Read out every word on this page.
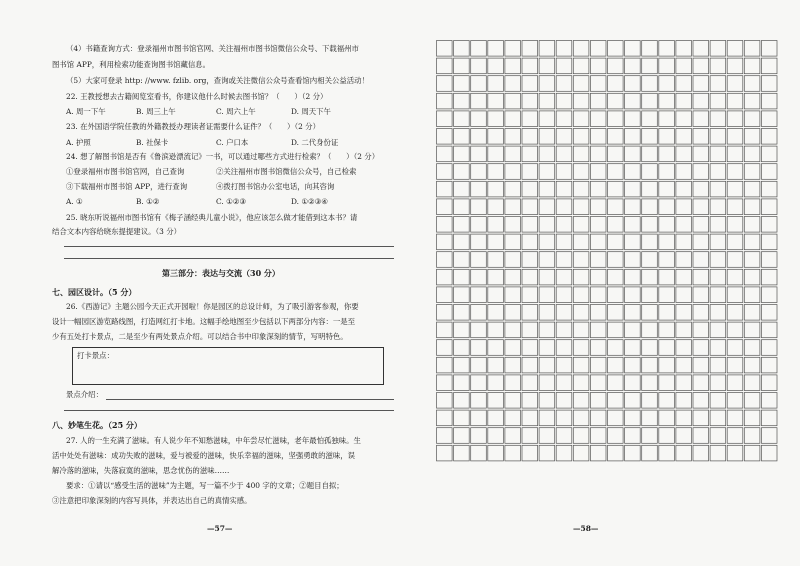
（4）书籍查询方式：登录福州市图书馆官网、关注福州市图书馆微信公众号、下载福州市
图书馆 APP，利用检索功能查询图书馆藏信息。
（5）大家可登录 http: //www. fzlib. org，查询或关注微信公众号查看馆内相关公益活动！
22. 王教授想去古籍阅览室看书，你建议他什么时候去图书馆？（　　）（2 分）
A. 周一下午	B. 周三上午	C. 周六上午	D. 周天下午
23. 在外国语学院任教的外籍教授办理读者证需要什么证件？（　　）（2 分）
A. 护照	B. 社保卡	C. 户口本	D. 二代身份证
24. 想了解图书馆是否有《鲁滨逊漂流记》一书，可以通过哪些方式进行检索？（　　）（2 分）
①登录福州市图书馆官网，自己查询	②关注福州市图书馆微信公众号，自己检索
③下载福州市图书馆 APP，进行查询	④拨打图书馆办公室电话，向其咨询
A. ①	B. ①②	C. ①②③	D. ①②③④
25. 晓东听说福州市图书馆有《梅子涵经典儿童小说》，他应该怎么做才能借到这本书？请
结合文本内容给晓东提提建议。（3 分）
第三部分：表达与交流（30 分）
七、园区设计。（5 分）
26.《西游记》主题公园今天正式开园啦！你是园区的总设计师，为了吸引游客参观，你要
设计一幅园区游览路线图，打造网红打卡地。这幅手绘地图至少包括以下两部分内容：一是至
少有五处打卡景点，二是至少有两处景点介绍。可以结合书中印象深刻的情节，写明特色。
打卡景点：
景点介绍：
八、妙笔生花。（25 分）
27. 人的一生充满了滋味。有人说少年不知愁滋味，中年尝尽忙滋味，老年最怕孤独味。生
活中处处有滋味：成功失败的滋味，爱与被爱的滋味，快乐幸福的滋味，坚强勇敢的滋味，误
解冷落的滋味，失落寂寞的滋味，思念忧伤的滋味……
要求：①请以“感受生活的滋味”为主题，写一篇不少于 400 字的文章；②题目自拟；
③注意把印象深刻的内容写具体，并表达出自己的真情实感。
—57—	—58—
